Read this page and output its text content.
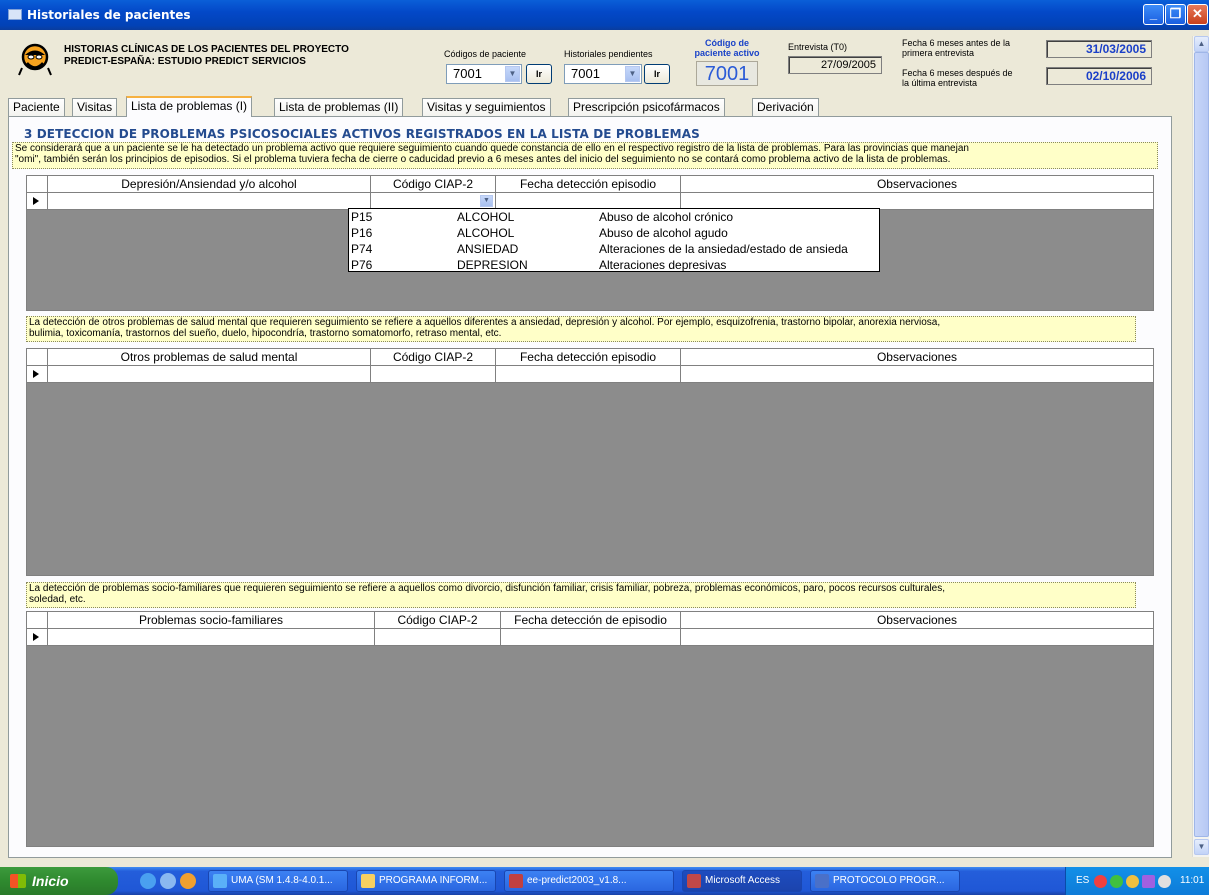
Historiales de pacientes	_ ❐ ✕
HISTORIAS CLÍNICAS DE LOS PACIENTES DEL PROYECTO
PREDICT-ESPAÑA: ESTUDIO PREDICT SERVICIOS
Códigos de paciente
7001	▼	Ir
Historiales pendientes
7001	▼	Ir
Código de
paciente activo
7001
Entrevista (T0)
27/09/2005
Fecha 6 meses antes de la
primera entrevista	31/03/2005
Fecha 6 meses después de
la última entrevista	02/10/2006
Paciente	Visitas	Lista de problemas (I)	Lista de problemas (II)	Visitas y seguimientos	Prescripción psicofármacos	Derivación
3 DETECCION DE PROBLEMAS PSICOSOCIALES ACTIVOS REGISTRADOS EN LA LISTA DE PROBLEMAS
Se considerará que a un paciente se le ha detectado un problema activo que requiere seguimiento cuando quede constancia de ello en el respectivo registro de la lista de problemas. Para las provincias que manejan
"omi", también serán los principios de episodios. Si el problema tuviera fecha de cierre o caducidad previo a 6 meses antes del inicio del seguimiento no se contará como problema activo de la lista de problemas.
Depresión/Ansiendad y/o alcohol	Código CIAP-2	Fecha detección episodio	Observaciones
▼
P15	ALCOHOL	Abuso de alcohol crónico
P16	ALCOHOL	Abuso de alcohol agudo
P74	ANSIEDAD	Alteraciones de la ansiedad/estado de ansieda
P76	DEPRESION	Alteraciones depresivas
La detección de otros problemas de salud mental que requieren seguimiento se refiere a aquellos diferentes a ansiedad, depresión y alcohol. Por ejemplo, esquizofrenia, trastorno bipolar, anorexia nerviosa,
bulimia, toxicomanía, trastornos del sueño, duelo, hipocondría, trastorno somatomorfo, retraso mental, etc.
Otros problemas de salud mental	Código CIAP-2	Fecha detección episodio	Observaciones
La detección de problemas socio-familiares que requieren seguimiento se refiere a aquellos como divorcio, disfunción familiar, crisis familiar, pobreza, problemas económicos, paro, pocos recursos culturales,
soledad, etc.
Problemas socio-familiares	Código CIAP-2	Fecha detección de episodio	Observaciones
▲
▼
Inicio	UMA (SM 1.4.8-4.0.1...	PROGRAMA INFORM...	ee-predict2003_v1.8...	Microsoft Access	PROTOCOLO PROGR...	ES	11:01
